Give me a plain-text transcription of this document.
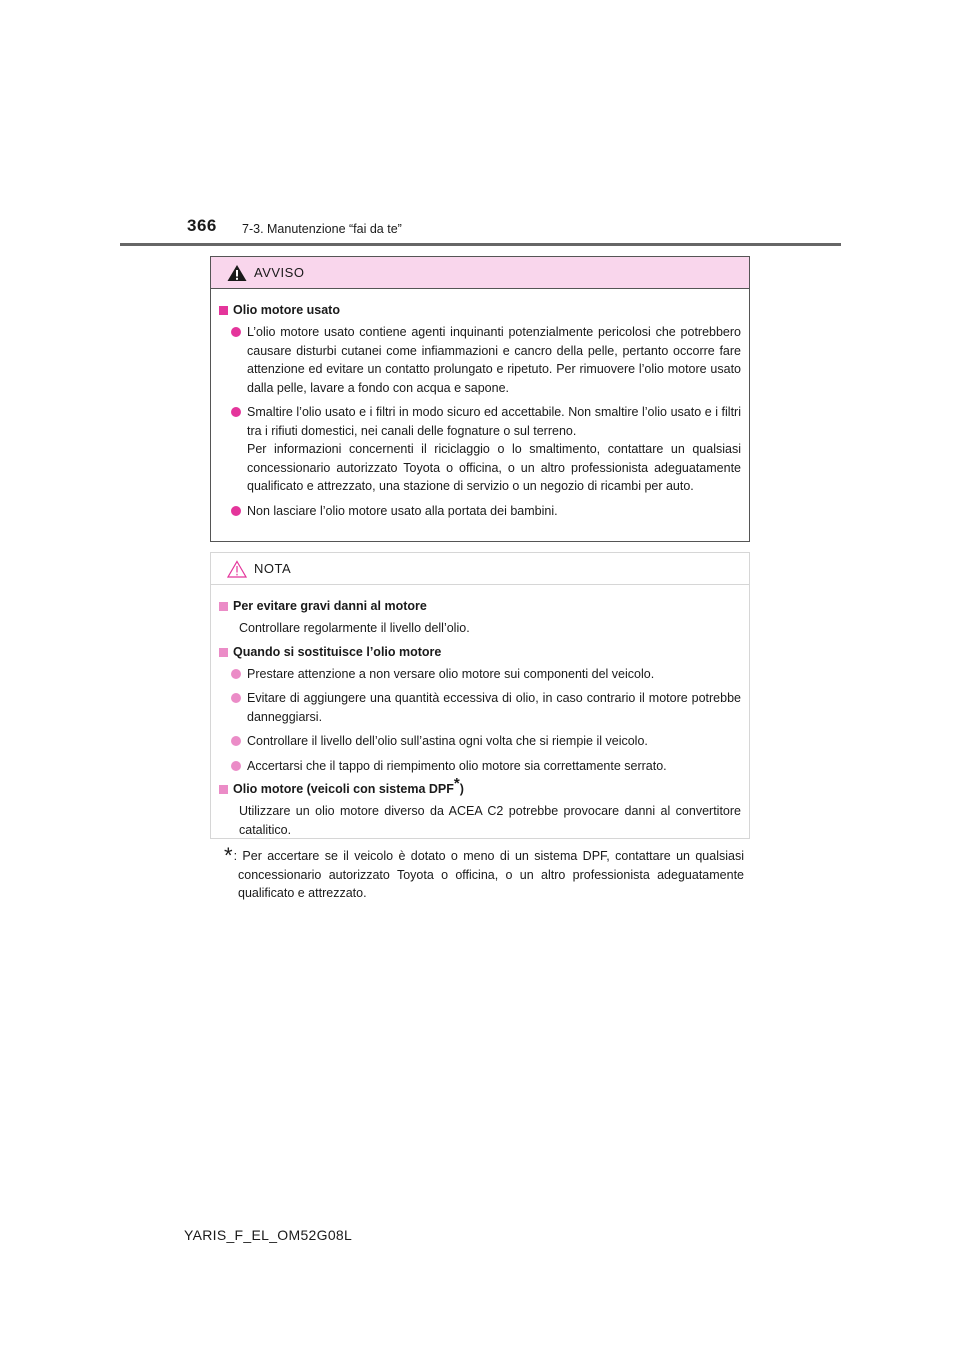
366 7-3. Manutenzione “fai da te”
AVVISO
Olio motore usato

L’olio motore usato contiene agenti inquinanti potenzialmente pericolosi che potrebbero causare disturbi cutanei come infiammazioni e cancro della pelle, pertanto occorre fare attenzione ed evitare un contatto prolungato e ripetuto. Per rimuovere l’olio motore usato dalla pelle, lavare a fondo con acqua e sapone.

Smaltire l’olio usato e i filtri in modo sicuro ed accettabile. Non smaltire l’olio usato e i filtri tra i rifiuti domestici, nei canali delle fognature o sul terreno.

Per informazioni concernenti il riciclaggio o lo smaltimento, contattare un qualsiasi concessionario autorizzato Toyota o officina, o un altro professionista adeguatamente qualificato e attrezzato, una stazione di servizio o un negozio di ricambi per auto.

Non lasciare l’olio motore usato alla portata dei bambini.

NOTA
Per evitare gravi danni al motore
Controllare regolarmente il livello dell’olio.
Quando si sostituisce l’olio motore
Prestare attenzione a non versare olio motore sui componenti del veicolo.
Evitare di aggiungere una quantità eccessiva di olio, in caso contrario il motore potrebbe danneggiarsi.
Controllare il livello dell’olio sull’astina ogni volta che si riempie il veicolo.
Accertarsi che il tappo di riempimento olio motore sia correttamente serrato.
Olio motore (veicoli con sistema DPF*)
Utilizzare un olio motore diverso da ACEA C2 potrebbe provocare danni al convertitore catalitico.
*: Per accertare se il veicolo è dotato o meno di un sistema DPF, contattare un qualsiasi concessionario autorizzato Toyota o officina, o un altro professionista adeguatamente qualificato e attrezzato.
YARIS_F_EL_OM52G08L
